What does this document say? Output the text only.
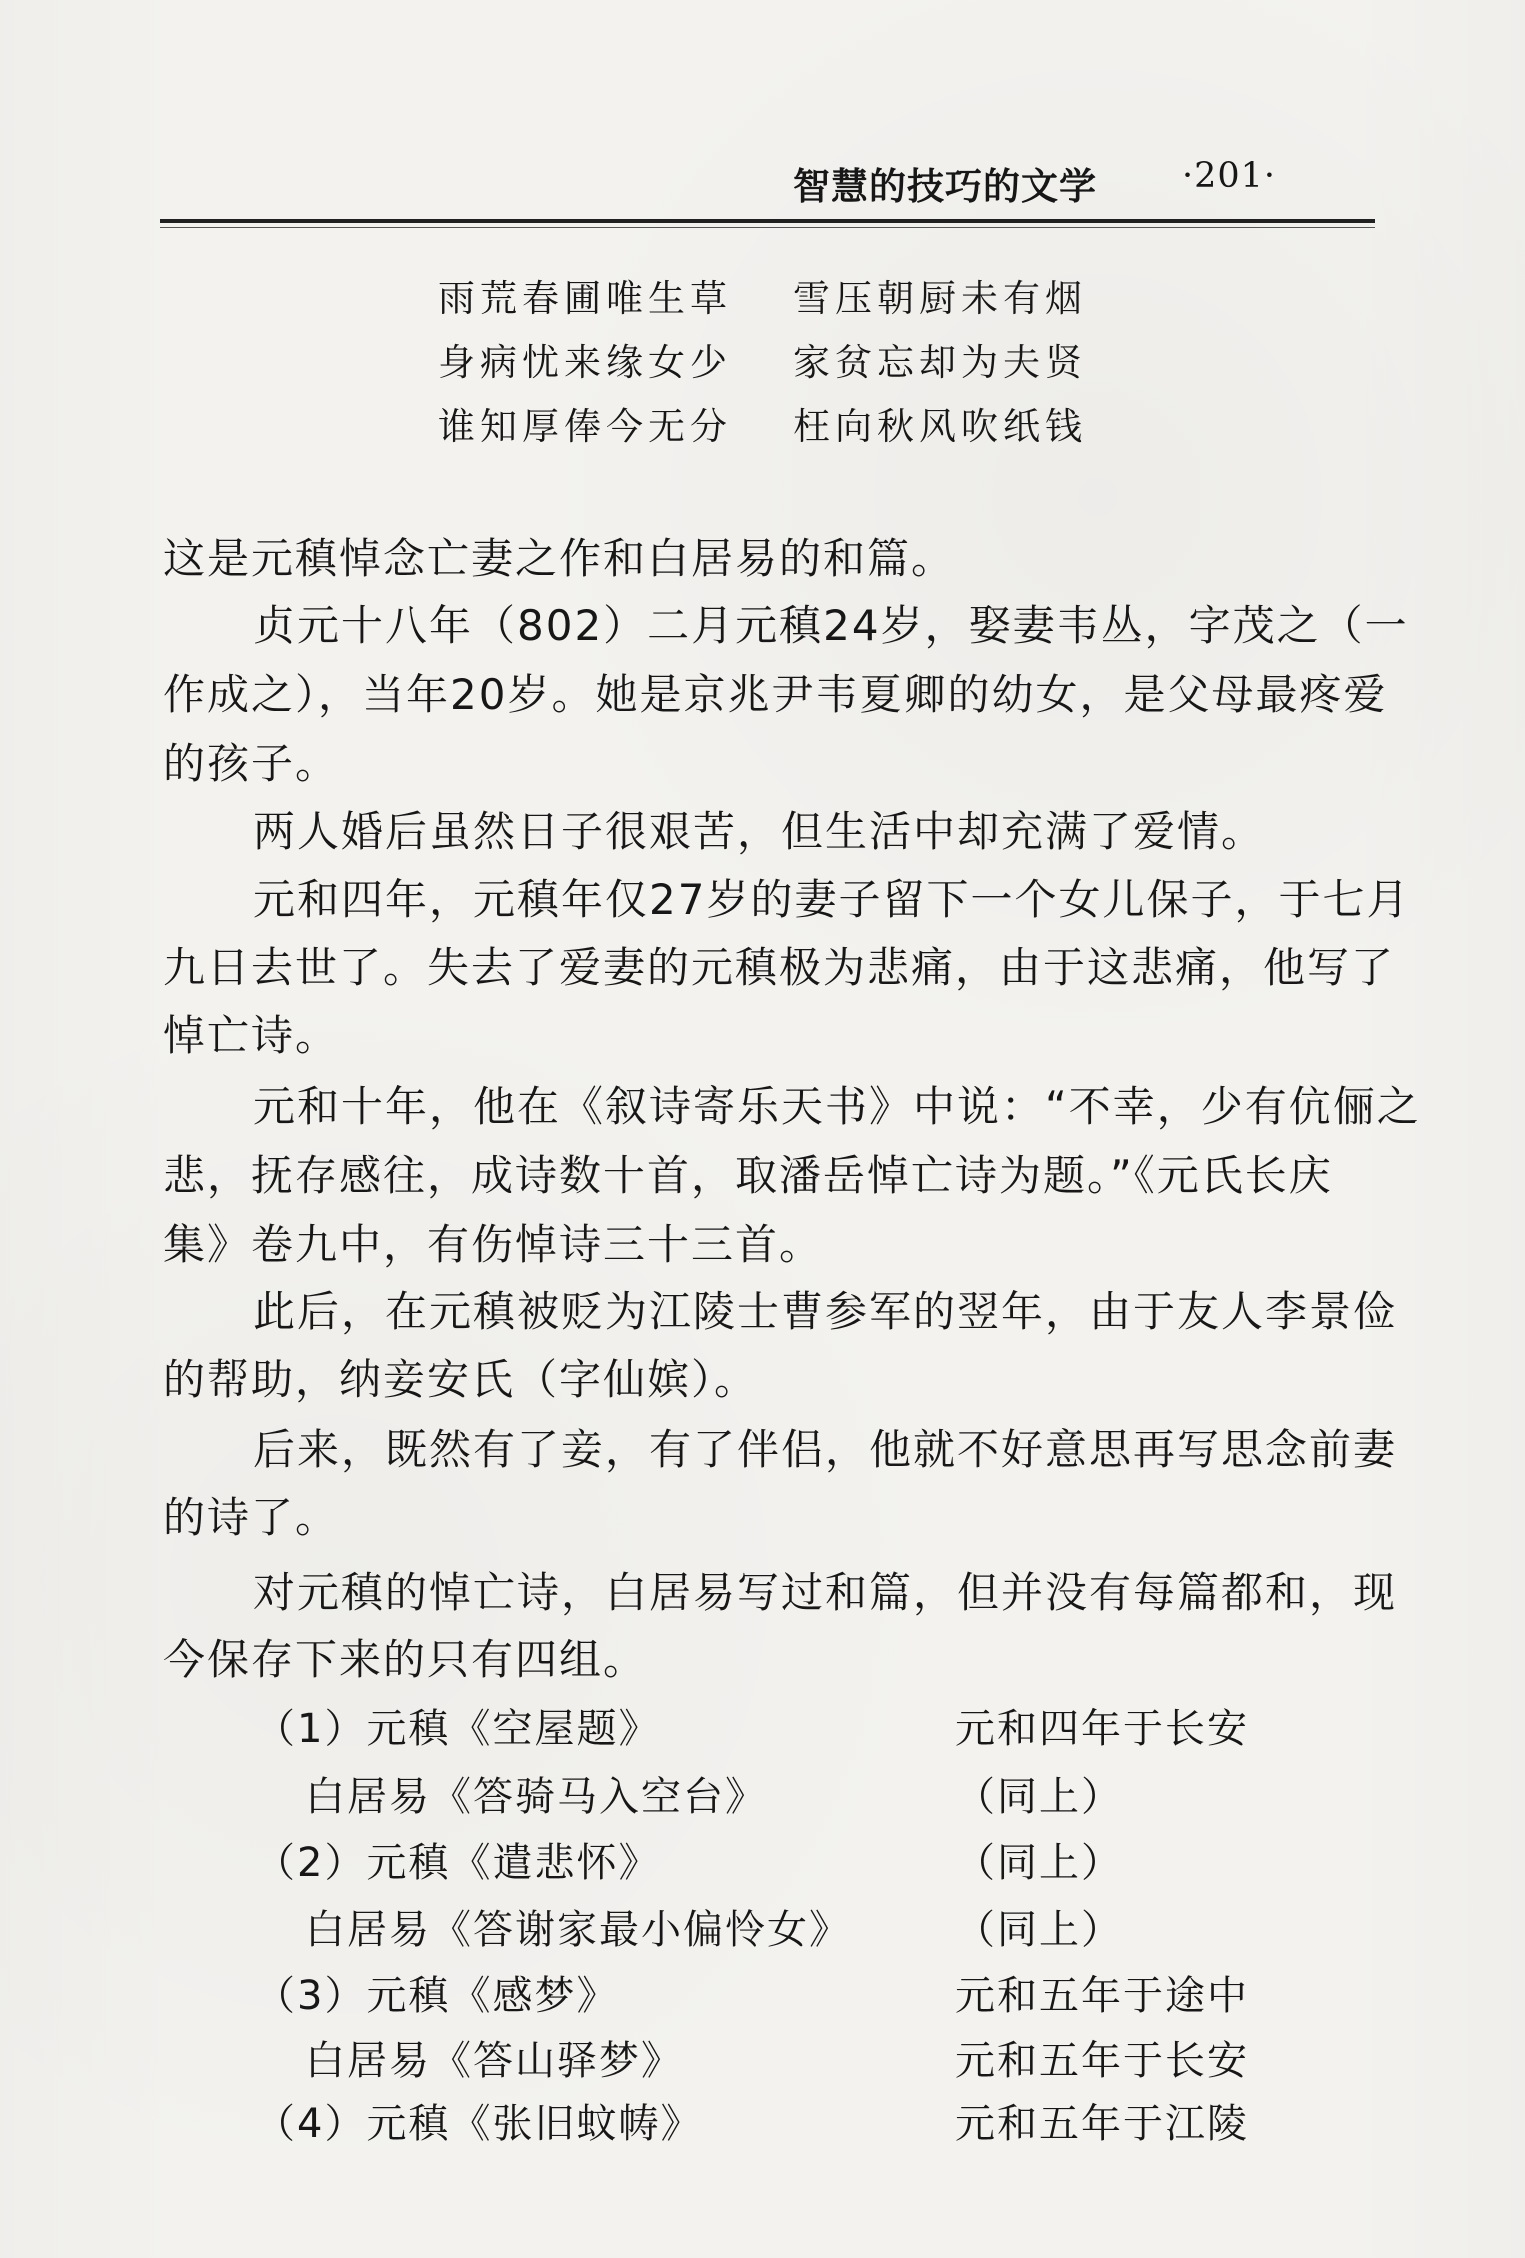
智慧的技巧的文学 ·201·
雨荒春圃唯生草	雪压朝厨未有烟
身病忧来缘女少	家贫忘却为夫贤
谁知厚俸今无分	枉向秋风吹纸钱
这是元稹悼念亡妻之作和白居易的和篇。
贞元十八年（802）二月元稹24岁，娶妻韦丛，字茂之（一
作成之），当年20岁。她是京兆尹韦夏卿的幼女，是父母最疼爱
的孩子。
两人婚后虽然日子很艰苦，但生活中却充满了爱情。
元和四年，元稹年仅27岁的妻子留下一个女儿保子，于七月
九日去世了。失去了爱妻的元稹极为悲痛，由于这悲痛，他写了
悼亡诗。
元和十年，他在《叙诗寄乐天书》中说：“不幸，少有伉俪之
悲，抚存感往，成诗数十首，取潘岳悼亡诗为题。”《元氏长庆
集》卷九中，有伤悼诗三十三首。
此后，在元稹被贬为江陵士曹参军的翌年，由于友人李景俭
的帮助，纳妾安氏（字仙嫔）。
后来，既然有了妾，有了伴侣，他就不好意思再写思念前妻
的诗了。
对元稹的悼亡诗，白居易写过和篇，但并没有每篇都和，现
今保存下来的只有四组。
（1）元稹《空屋题》	元和四年于长安
白居易《答骑马入空台》	（同上）
（2）元稹《遣悲怀》	（同上）
白居易《答谢家最小偏怜女》	（同上）
（3）元稹《感梦》	元和五年于途中
白居易《答山驿梦》	元和五年于长安
（4）元稹《张旧蚊帱》	元和五年于江陵
